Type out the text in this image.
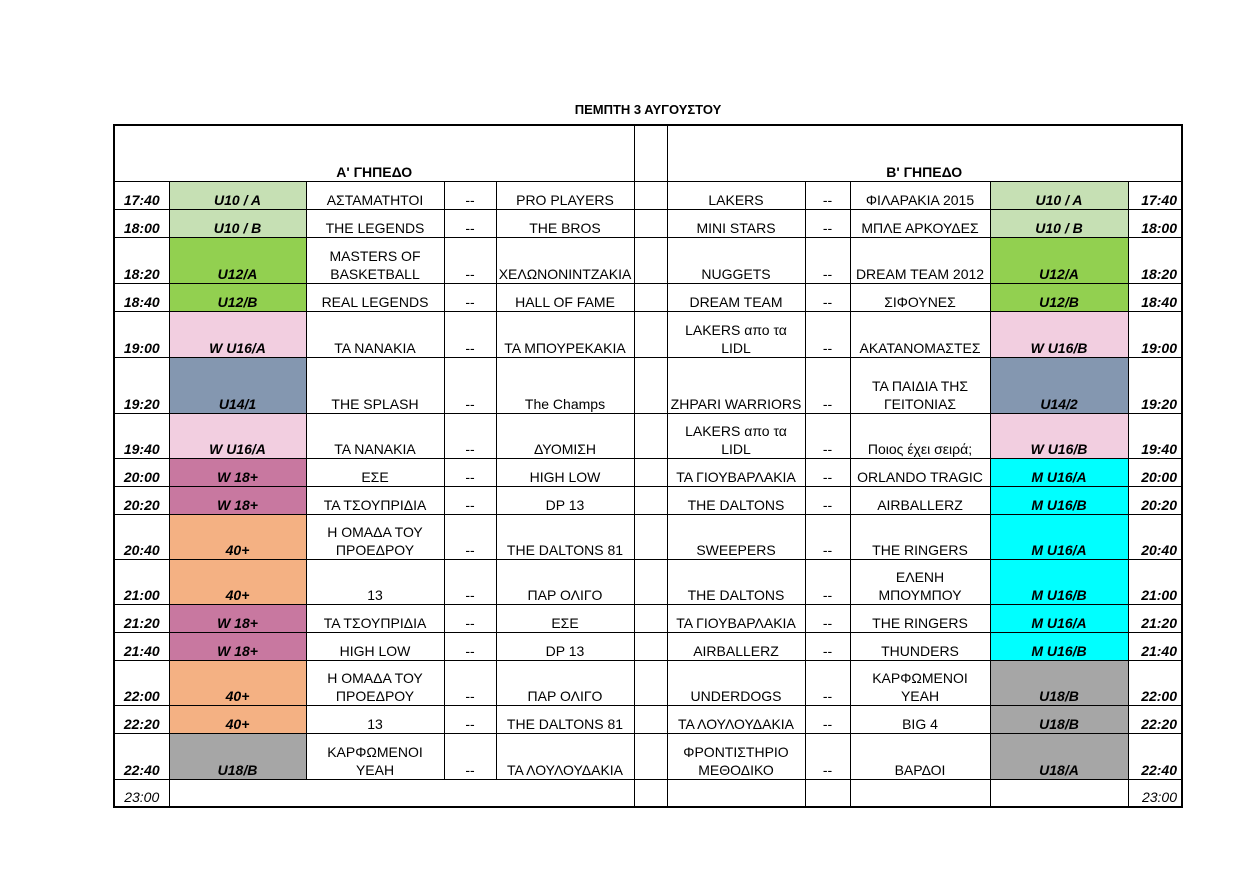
ΠΕΜΠΤΗ 3 ΑΥΓΟΥΣΤΟΥ
Α' ΓΗΠΕΔΟ						Β' ΓΗΠΕΔΟ				
17:40	U10 / A	ΑΣΤΑΜΑΤΗΤΟΙ	--	PRO PLAYERS		LAKERS	--	ΦΙΛΑΡΑΚΙΑ 2015	U10 / A	17:40
18:00	U10 / B	THE LEGENDS	--	THE BROS		MINI STARS	--	ΜΠΛΕ ΑΡΚΟΥΔΕΣ	U10 / B	18:00
18:20	U12/A	MASTERS OF BASKETBALL	--	ΧΕΛΩΝΟΝΙΝΤΖΑΚΙΑ		NUGGETS	--	DREAM TEAM 2012	U12/A	18:20
18:40	U12/B	REAL LEGENDS	--	HALL OF FAME		DREAM TEAM	--	ΣΙΦΟΥΝΕΣ	U12/B	18:40
19:00	W U16/A	ΤΑ ΝΑΝΑΚΙΑ	--	ΤΑ ΜΠΟΥΡΕΚΑΚΙΑ		LAKERS απο τα LIDL	--	ΑΚΑΤΑΝΟΜΑΣΤΕΣ	W U16/B	19:00
19:20	U14/1	THE SPLASH	--	The Champs		ZHPARI WARRIORS	--	ΤΑ ΠΑΙΔΙΑ ΤΗΣ ΓΕΙΤΟΝΙΑΣ	U14/2	19:20
19:40	W U16/A	ΤΑ ΝΑΝΑΚΙΑ	--	ΔΥΟΜΙΣΗ		LAKERS απο τα LIDL	--	Ποιος έχει σειρά;	W U16/B	19:40
20:00	W 18+	ΕΣΕ	--	HIGH LOW		ΤΑ ΓΙΟΥΒΑΡΛΑΚΙΑ	--	ORLANDO TRAGIC	M U16/A	20:00
20:20	W 18+	ΤΑ ΤΣΟΥΠΡΙΔΙΑ	--	DP 13		THE DALTONS	--	AIRBALLERZ	M U16/B	20:20
20:40	40+	Η ΟΜΑΔΑ ΤΟΥ ΠΡΟΕΔΡΟΥ	--	THE DALTONS 81		SWEEPERS	--	THE RINGERS	M U16/A	20:40
21:00	40+	13	--	ΠΑΡ ΟΛΙΓΟ		THE DALTONS	--	ΕΛΕΝΗ ΜΠΟΥΜΠΟΥ	M U16/B	21:00
21:20	W 18+	ΤΑ ΤΣΟΥΠΡΙΔΙΑ	--	ΕΣΕ		ΤΑ ΓΙΟΥΒΑΡΛΑΚΙΑ	--	THE RINGERS	M U16/A	21:20
21:40	W 18+	HIGH LOW	--	DP 13		AIRBALLERZ	--	THUNDERS	M U16/B	21:40
22:00	40+	Η ΟΜΑΔΑ ΤΟΥ ΠΡΟΕΔΡΟΥ	--	ΠΑΡ ΟΛΙΓΟ		UNDERDOGS	--	ΚΑΡΦΩΜΕΝΟΙ ΥΕΑΗ	U18/B	22:00
22:20	40+	13	--	THE DALTONS 81		ΤΑ ΛΟΥΛΟΥΔΑΚΙΑ	--	BIG 4	U18/B	22:20
22:40	U18/B	ΚΑΡΦΩΜΕΝΟΙ ΥΕΑΗ	--	ΤΑ ΛΟΥΛΟΥΔΑΚΙΑ		ΦΡΟΝΤΙΣΤΗΡΙΟ ΜΕΘΟΔΙΚΟ	--	ΒΑΡΔΟΙ	U18/A	22:40
23:00										23:00
